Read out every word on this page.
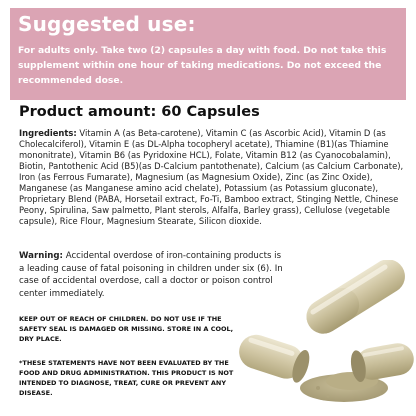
Suggested use:
For adults only. Take two (2) capsules a day with food. Do not take this supplement within one hour of taking medications. Do not exceed the recommended dose.
Product amount: 60 Capsules
Ingredients: Vitamin A (as Beta-carotene), Vitamin C (as Ascorbic Acid), Vitamin D (as Cholecalciferol), Vitamin E (as DL-Alpha tocopheryl acetate), Thiamine (B1)(as Thiamine mononitrate), Vitamin B6 (as Pyridoxine HCL), Folate, Vitamin B12 (as Cyanocobalamin), Biotin, Pantothenic Acid (B5)(as D-Calcium pantothenate), Calcium (as Calcium Carbonate), Iron (as Ferrous Fumarate), Magnesium (as Magnesium Oxide), Zinc (as Zinc Oxide), Manganese (as Manganese amino acid chelate), Potassium (as Potassium gluconate), Proprietary Blend (PABA, Horsetail extract, Fo-Ti, Bamboo extract, Stinging Nettle, Chinese Peony, Spirulina, Saw palmetto, Plant sterols, Alfalfa, Barley grass), Cellulose (vegetable capsule), Rice Flour, Magnesium Stearate, Silicon dioxide.
Warning: Accidental overdose of iron-containing products is a leading cause of fatal poisoning in children under six (6). In case of accidental overdose, call a doctor or poison control center immediately.
KEEP OUT OF REACH OF CHILDREN. DO NOT USE IF THE SAFETY SEAL IS DAMAGED OR MISSING. STORE IN A COOL, DRY PLACE.
*THESE STATEMENTS HAVE NOT BEEN EVALUATED BY THE FOOD AND DRUG ADMINISTRATION. THIS PRODUCT IS NOT INTENDED TO DIAGNOSE, TREAT, CURE OR PREVENT ANY DISEASE.
